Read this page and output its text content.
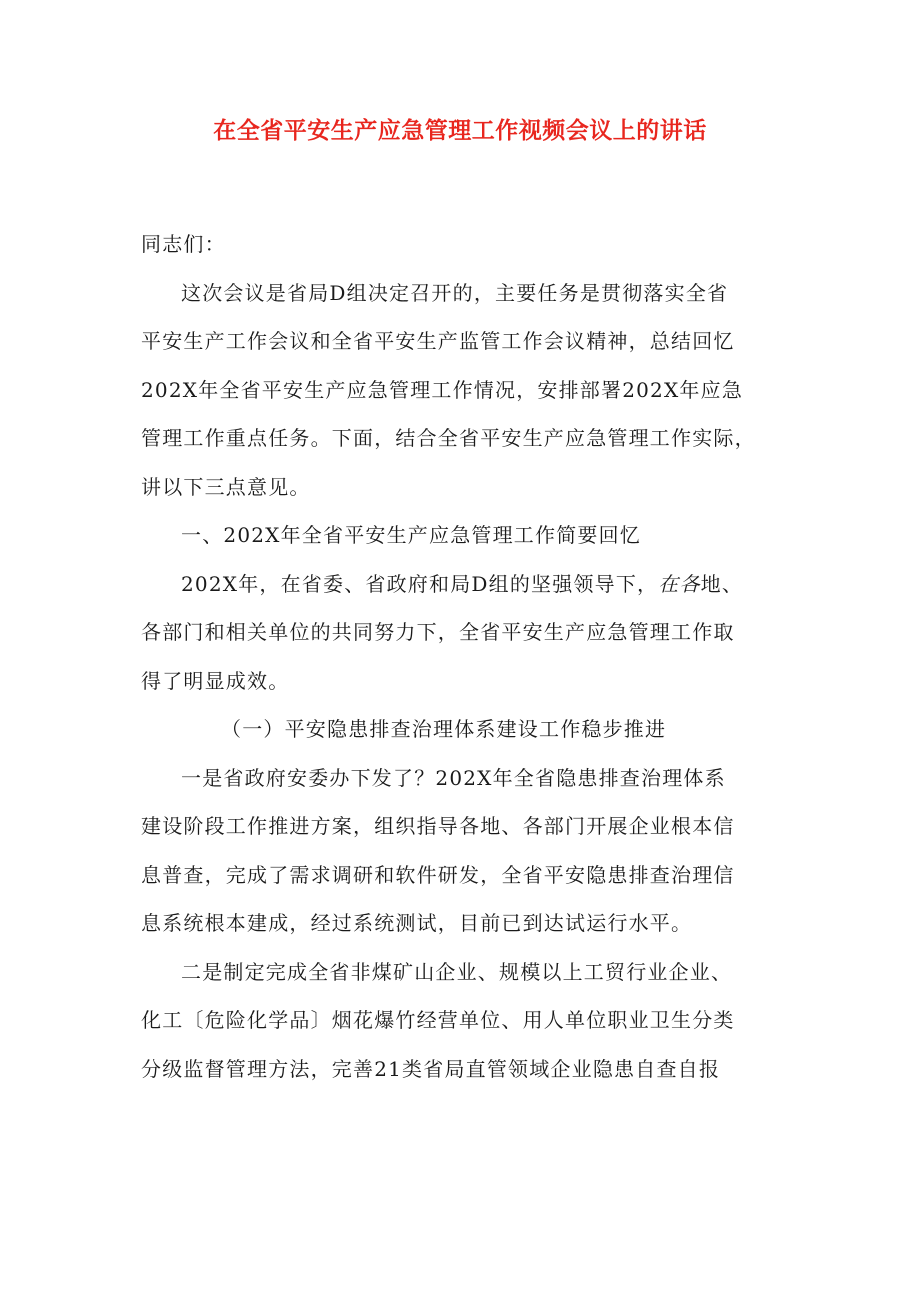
在全省平安生产应急管理工作视频会议上的讲话

同志们：

这次会议是省局D组决定召开的，主要任务是贯彻落实全省
平安生产工作会议和全省平安生产监管工作会议精神，总结回忆
202X年全省平安生产应急管理工作情况，安排部署202X年应急
管理工作重点任务。下面，结合全省平安生产应急管理工作实际，
讲以下三点意见。

一、202X年全省平安生产应急管理工作简要回忆

202X年，在省委、省政府和局D组的坚强领导下，在各地、
各部门和相关单位的共同努力下，全省平安生产应急管理工作取
得了明显成效。

（一）平安隐患排查治理体系建设工作稳步推进

一是省政府安委办下发了？202X年全省隐患排查治理体系
建设阶段工作推进方案，组织指导各地、各部门开展企业根本信
息普查，完成了需求调研和软件研发，全省平安隐患排查治理信
息系统根本建成，经过系统测试，目前已到达试运行水平。

二是制定完成全省非煤矿山企业、规模以上工贸行业企业、
化工〔危险化学品〕烟花爆竹经营单位、用人单位职业卫生分类
分级监督管理方法，完善21类省局直管领域企业隐患自查自报
